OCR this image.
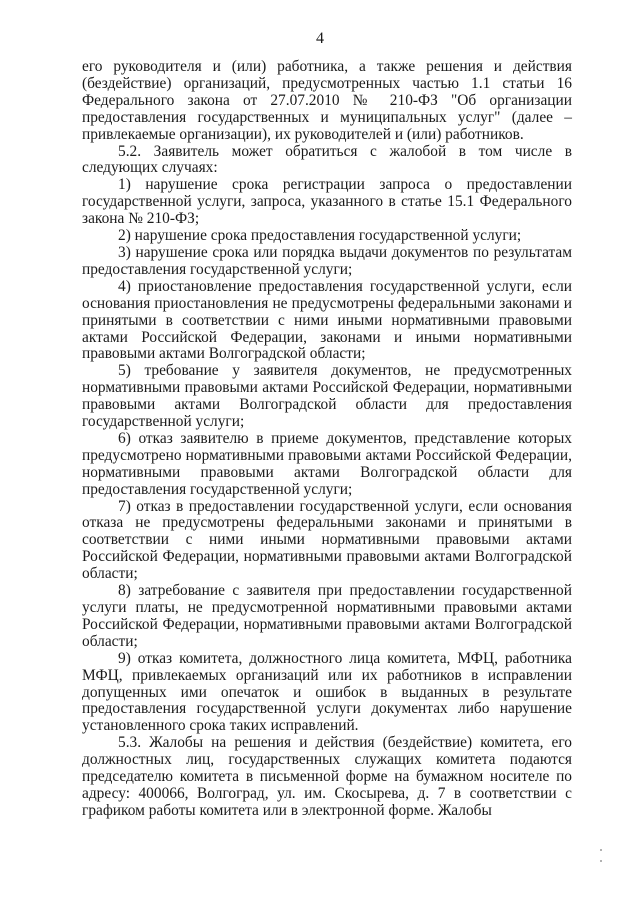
4

его руководителя и (или) работника, а также решения и действия (бездействие) организаций, предусмотренных частью 1.1 статьи 16 Федерального закона от 27.07.2010 № 210-ФЗ "Об организации предоставления государственных и муниципальных услуг" (далее – привлекаемые организации), их руководителей и (или) работников.

5.2. Заявитель может обратиться с жалобой в том числе в следующих случаях:

1) нарушение срока регистрации запроса о предоставлении государственной услуги, запроса, указанного в статье 15.1 Федерального закона № 210-ФЗ;

2) нарушение срока предоставления государственной услуги;

3) нарушение срока или порядка выдачи документов по результатам предоставления государственной услуги;

4) приостановление предоставления государственной услуги, если основания приостановления не предусмотрены федеральными законами и принятыми в соответствии с ними иными нормативными правовыми актами Российской Федерации, законами и иными нормативными правовыми актами Волгоградской области;

5) требование у заявителя документов, не предусмотренных нормативными правовыми актами Российской Федерации, нормативными правовыми актами Волгоградской области для предоставления государственной услуги;

6) отказ заявителю в приеме документов, представление которых предусмотрено нормативными правовыми актами Российской Федерации, нормативными правовыми актами Волгоградской области для предоставления государственной услуги;

7) отказ в предоставлении государственной услуги, если основания отказа не предусмотрены федеральными законами и принятыми в соответствии с ними иными нормативными правовыми актами Российской Федерации, нормативными правовыми актами Волгоградской области;

8) затребование с заявителя при предоставлении государственной услуги платы, не предусмотренной нормативными правовыми актами Российской Федерации, нормативными правовыми актами Волгоградской области;

9) отказ комитета, должностного лица комитета, МФЦ, работника МФЦ, привлекаемых организаций или их работников в исправлении допущенных ими опечаток и ошибок в выданных в результате предоставления государственной услуги документах либо нарушение установленного срока таких исправлений.

5.3. Жалобы на решения и действия (бездействие) комитета, его должностных лиц, государственных служащих комитета подаются председателю комитета в письменной форме на бумажном носителе по адресу: 400066, Волгоград, ул. им. Скосырева, д. 7 в соответствии с графиком работы комитета или в электронной форме. Жалобы
